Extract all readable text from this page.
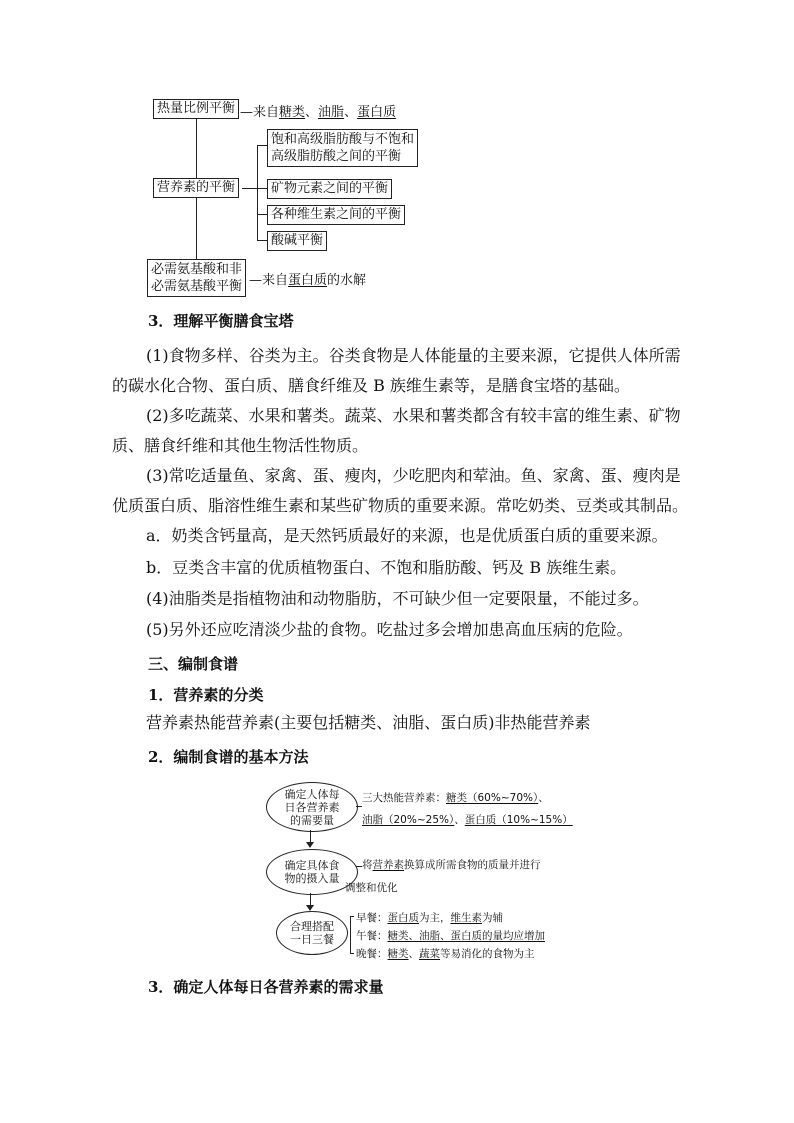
热量比例平衡 —来自糖类、油脂、蛋白质
营养素的平衡
饱和高级脂肪酸与不饱和
高级脂肪酸之间的平衡
矿物元素之间的平衡
各种维生素之间的平衡
酸碱平衡
必需氨基酸和非
必需氨基酸平衡 —来自蛋白质的水解
3．理解平衡膳食宝塔
(1)食物多样、谷类为主。谷类食物是人体能量的主要来源，它提供人体所需
的碳水化合物、蛋白质、膳食纤维及 B 族维生素等，是膳食宝塔的基础。
(2)多吃蔬菜、水果和薯类。蔬菜、水果和薯类都含有较丰富的维生素、矿物
质、膳食纤维和其他生物活性物质。
(3)常吃适量鱼、家禽、蛋、瘦肉，少吃肥肉和荤油。鱼、家禽、蛋、瘦肉是
优质蛋白质、脂溶性维生素和某些矿物质的重要来源。常吃奶类、豆类或其制品。
a．奶类含钙量高，是天然钙质最好的来源，也是优质蛋白质的重要来源。
b．豆类含丰富的优质植物蛋白、不饱和脂肪酸、钙及 B 族维生素。
(4)油脂类是指植物油和动物脂肪，不可缺少但一定要限量，不能过多。
(5)另外还应吃清淡少盐的食物。吃盐过多会增加患高血压病的危险。
三、编制食谱
1．营养素的分类
营养素热能营养素(主要包括糖类、油脂、蛋白质)非热能营养素
2．编制食谱的基本方法
确定人体每日各营养素的需要量
三大热能营养素：糖类（60%~70%）、
油脂（20%~25%）、蛋白质（10%~15%）
确定具体食物的摄入量
将营养素换算成所需食物的质量并进行
调整和优化
合理搭配一日三餐
早餐：蛋白质为主，维生素为辅
午餐：糖类、油脂、蛋白质的量均应增加
晚餐：糖类、蔬菜等易消化的食物为主
3．确定人体每日各营养素的需求量
